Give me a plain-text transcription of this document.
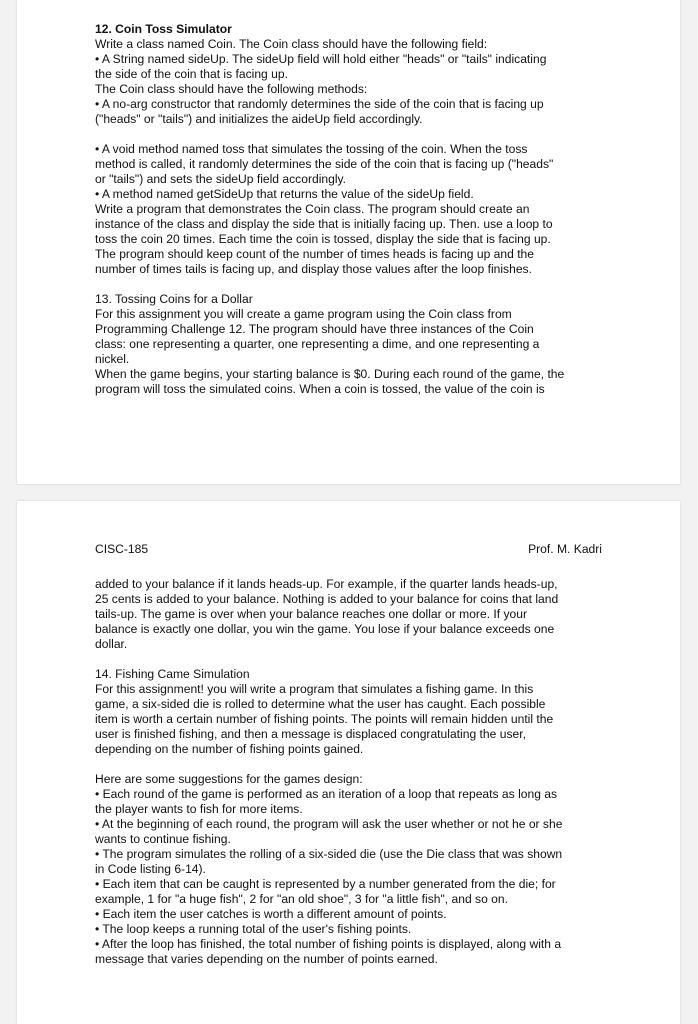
12. Coin Toss Simulator
Write a class named Coin. The Coin class should have the following field:
• A String named sideUp. The sideUp field will hold either "heads" or "tails" indicating
the side of the coin that is facing up.
The Coin class should have the following methods:
• A no-arg constructor that randomly determines the side of the coin that is facing up
("heads" or "tails") and initializes the aideUp field accordingly.
• A void method named toss that simulates the tossing of the coin. When the toss
method is called, it randomly determines the side of the coin that is facing up ("heads"
or "tails") and sets the sideUp field accordingly.
• A method named getSideUp that returns the value of the sideUp field.
Write a program that demonstrates the Coin class. The program should create an
instance of the class and display the side that is initially facing up. Then. use a loop to
toss the coin 20 times. Each time the coin is tossed, display the side that is facing up.
The program should keep count of the number of times heads is facing up and the
number of times tails is facing up, and display those values after the loop finishes.
13. Tossing Coins for a Dollar
For this assignment you will create a game program using the Coin class from
Programming Challenge 12. The program should have three instances of the Coin
class: one representing a quarter, one representing a dime, and one representing a
nickel.
When the game begins, your starting balance is $0. During each round of the game, the
program will toss the simulated coins. When a coin is tossed, the value of the coin is
CISC-185	Prof. M. Kadri
added to your balance if it lands heads-up. For example, if the quarter lands heads-up,
25 cents is added to your balance. Nothing is added to your balance for coins that land
tails-up. The game is over when your balance reaches one dollar or more. If your
balance is exactly one dollar, you win the game. You lose if your balance exceeds one
dollar.
14. Fishing Came Simulation
For this assignment! you will write a program that simulates a fishing game. In this
game, a six-sided die is rolled to determine what the user has caught. Each possible
item is worth a certain number of fishing points. The points will remain hidden until the
user is finished fishing, and then a message is displaced congratulating the user,
depending on the number of fishing points gained.
Here are some suggestions for the games design:
• Each round of the game is performed as an iteration of a loop that repeats as long as
the player wants to fish for more items.
• At the beginning of each round, the program will ask the user whether or not he or she
wants to continue fishing.
• The program simulates the rolling of a six-sided die (use the Die class that was shown
in Code listing 6-14).
• Each item that can be caught is represented by a number generated from the die; for
example, 1 for "a huge fish", 2 for "an old shoe", 3 for "a little fish", and so on.
• Each item the user catches is worth a different amount of points.
• The loop keeps a running total of the user's fishing points.
• After the loop has finished, the total number of fishing points is displayed, along with a
message that varies depending on the number of points earned.
